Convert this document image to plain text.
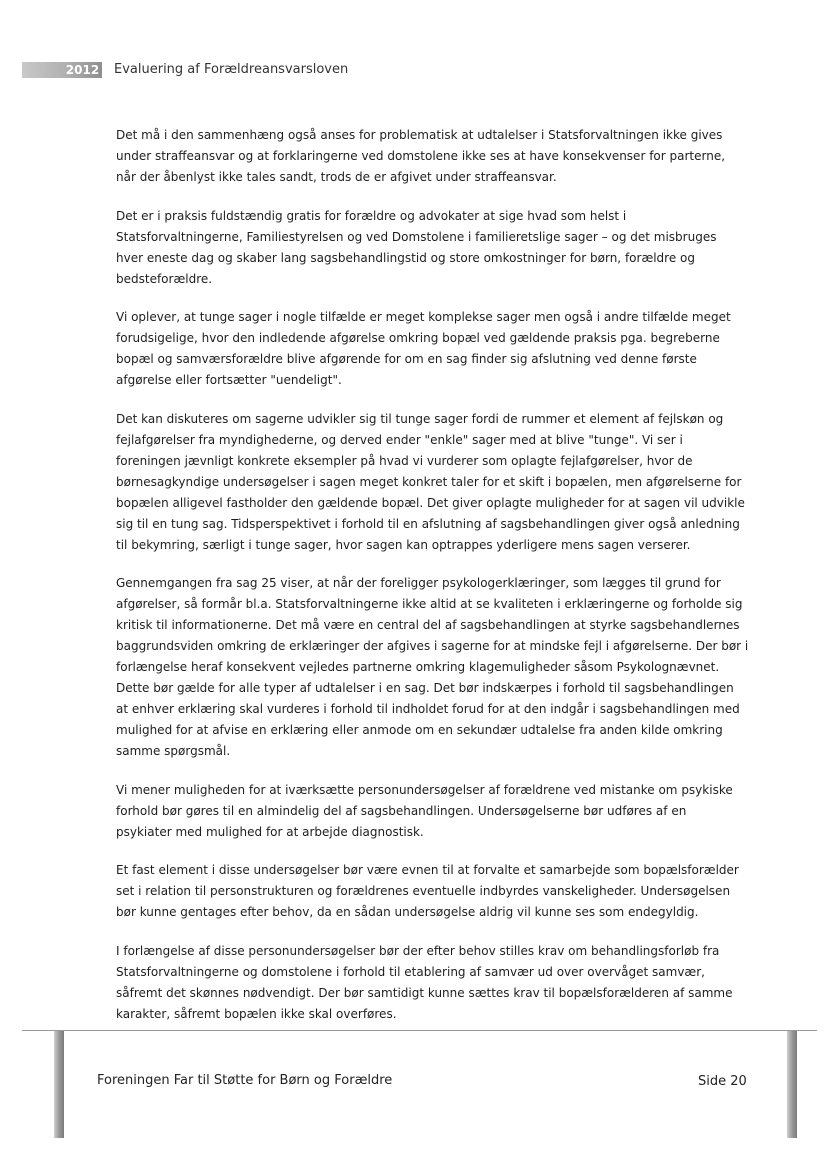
2012 Evaluering af Forældreansvarsloven

Det må i den sammenhæng også anses for problematisk at udtalelser i Statsforvaltningen ikke gives
under straffeansvar og at forklaringerne ved domstolene ikke ses at have konsekvenser for parterne,
når der åbenlyst ikke tales sandt, trods de er afgivet under straffeansvar.

Det er i praksis fuldstændig gratis for forældre og advokater at sige hvad som helst i
Statsforvaltningerne, Familiestyrelsen og ved Domstolene i familieretslige sager – og det misbruges
hver eneste dag og skaber lang sagsbehandlingstid og store omkostninger for børn, forældre og
bedsteforældre.

Vi oplever, at tunge sager i nogle tilfælde er meget komplekse sager men også i andre tilfælde meget
forudsigelige, hvor den indledende afgørelse omkring bopæl ved gældende praksis pga. begreberne
bopæl og samværsforældre blive afgørende for om en sag finder sig afslutning ved denne første
afgørelse eller fortsætter "uendeligt".

Det kan diskuteres om sagerne udvikler sig til tunge sager fordi de rummer et element af fejlskøn og
fejlafgørelser fra myndighederne, og derved ender "enkle" sager med at blive "tunge". Vi ser i
foreningen jævnligt konkrete eksempler på hvad vi vurderer som oplagte fejlafgørelser, hvor de
børnesagkyndige undersøgelser i sagen meget konkret taler for et skift i bopælen, men afgørelserne for
bopælen alligevel fastholder den gældende bopæl. Det giver oplagte muligheder for at sagen vil udvikle
sig til en tung sag. Tidsperspektivet i forhold til en afslutning af sagsbehandlingen giver også anledning
til bekymring, særligt i tunge sager, hvor sagen kan optrappes yderligere mens sagen verserer.

Gennemgangen fra sag 25 viser, at når der foreligger psykologerklæringer, som lægges til grund for
afgørelser, så formår bl.a. Statsforvaltningerne ikke altid at se kvaliteten i erklæringerne og forholde sig
kritisk til informationerne. Det må være en central del af sagsbehandlingen at styrke sagsbehandlernes
baggrundsviden omkring de erklæringer der afgives i sagerne for at mindske fejl i afgørelserne. Der bør i
forlængelse heraf konsekvent vejledes partnerne omkring klagemuligheder såsom Psykolognævnet.
Dette bør gælde for alle typer af udtalelser i en sag. Det bør indskærpes i forhold til sagsbehandlingen
at enhver erklæring skal vurderes i forhold til indholdet forud for at den indgår i sagsbehandlingen med
mulighed for at afvise en erklæring eller anmode om en sekundær udtalelse fra anden kilde omkring
samme spørgsmål.

Vi mener muligheden for at iværksætte personundersøgelser af forældrene ved mistanke om psykiske
forhold bør gøres til en almindelig del af sagsbehandlingen. Undersøgelserne bør udføres af en
psykiater med mulighed for at arbejde diagnostisk.

Et fast element i disse undersøgelser bør være evnen til at forvalte et samarbejde som bopælsforælder
set i relation til personstrukturen og forældrenes eventuelle indbyrdes vanskeligheder. Undersøgelsen
bør kunne gentages efter behov, da en sådan undersøgelse aldrig vil kunne ses som endegyldig.

I forlængelse af disse personundersøgelser bør der efter behov stilles krav om behandlingsforløb fra
Statsforvaltningerne og domstolene i forhold til etablering af samvær ud over overvåget samvær,
såfremt det skønnes nødvendigt. Der bør samtidigt kunne sættes krav til bopælsforælderen af samme
karakter, såfremt bopælen ikke skal overføres.

Foreningen Far til Støtte for Børn og Forældre	Side 20
